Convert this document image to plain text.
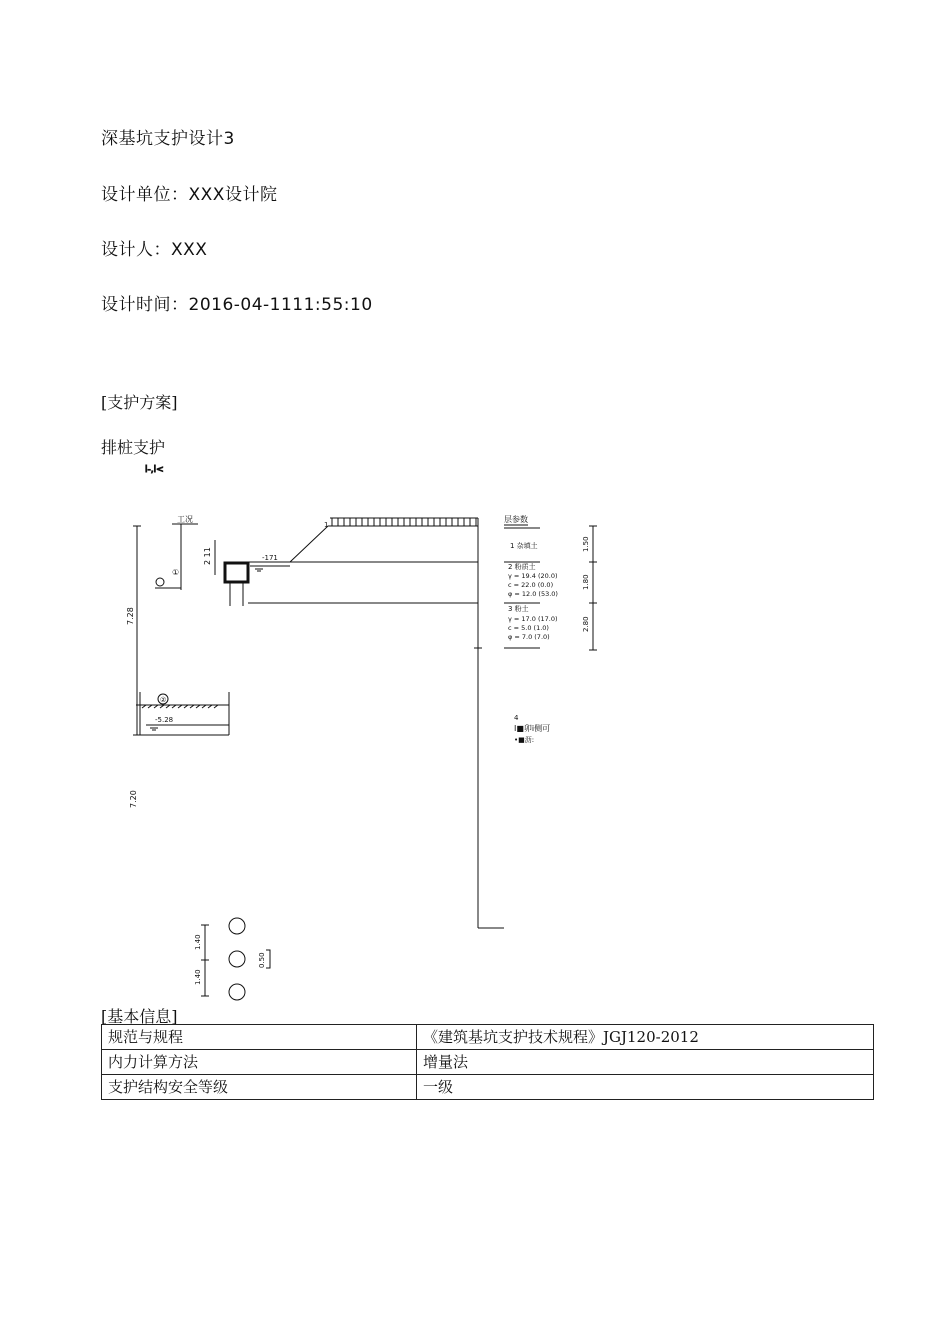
深基坑支护设计3
设计单位：XXX设计院
设计人：XXX
设计时间：2016-04-1111:55:10
[支护方案]
排桩支护
l-,l<
7.28
工况
①
2 11	-171
1
层参数
1 杂填土
2 粉质土
γ = 19.4 (20.0)
c = 22.0 (0.0)
φ = 12.0 (53.0)
3 粉土
γ = 17.0 (17.0)
c = 5.0 (1.0)
φ = 7.0 (7.0)
1.50
1.80
2.80
4
I■卯i侧可
•■沥:
②
-5.28
7.20
1.40
1.40
0.50
[基本信息]
规范与规程	《建筑基坑支护技术规程》JGJ120-2012
内力计算方法	增量法
支护结构安全等级	一级
